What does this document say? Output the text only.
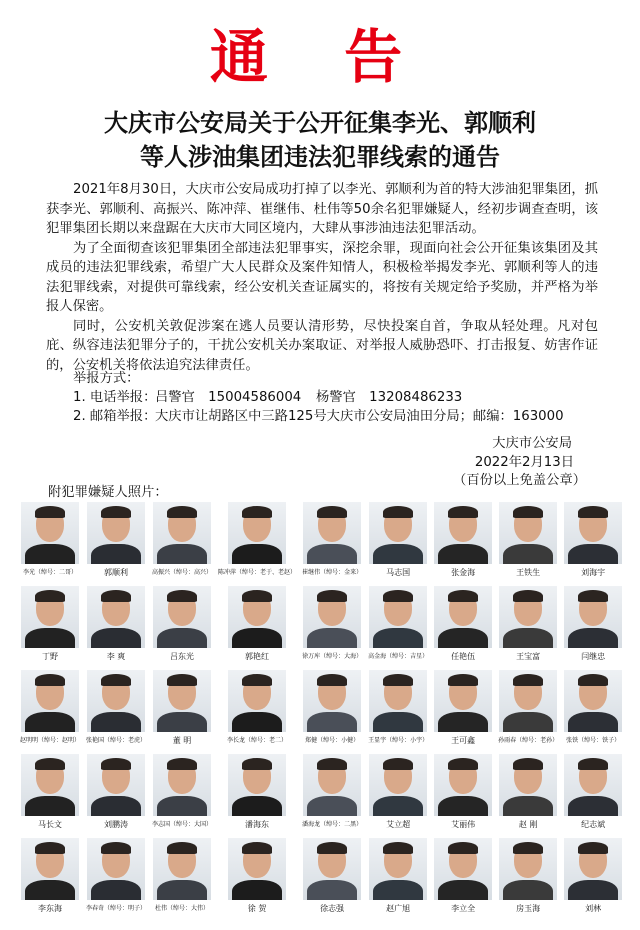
通 告
大庆市公安局关于公开征集李光、郭顺利
等人涉油集团违法犯罪线索的通告

2021年8月30日，大庆市公安局成功打掉了以李光、郭顺利为首的特大涉油犯罪集团，抓获李光、郭顺利、高振兴、陈冲萍、崔继伟、杜伟等50余名犯罪嫌疑人，经初步调查查明，该犯罪集团长期以来盘踞在大庆市大同区境内，大肆从事涉油违法犯罪活动。

为了全面彻查该犯罪集团全部违法犯罪事实，深挖余罪，现面向社会公开征集该集团及其成员的违法犯罪线索，希望广大人民群众及案件知情人，积极检举揭发李光、郭顺利等人的违法犯罪线索，对提供可靠线索，经公安机关查证属实的，将按有关规定给予奖励，并严格为举报人保密。

同时，公安机关敦促涉案在逃人员要认清形势，尽快投案自首，争取从轻处理。凡对包庇、纵容违法犯罪分子的，干扰公安机关办案取证、对举报人威胁恐吓、打击报复、妨害作证的，公安机关将依法追究法律责任。

举报方式：
1. 电话举报：
吕警官　15004586004 杨警官　13208486233
2. 邮箱举报：
大庆市让胡路区中三路125号大庆市公安局油田分局；邮编：163000
大庆市公安局
2022年2月13日
（百份以上免盖公章）
附犯罪嫌疑人照片：
李光（绰号：二哥）	郭顺利	高振兴（绰号：高兴） 陈冲萍（绰号：老于、老赵） 崔继伟（绰号：金来）	马志国	张金海	王铁生	刘海宇
丁野	李 爽	吕东光	郭艳红	徐万库（绰号：大海） 高金海（绰号：吉星）	任艳伍	王宝富	闫继忠
赵明明（绰号：赵明） 张艳国（绰号：老虎）	董 明	李长龙（绰号：老二）	郑健（绰号：小健） 王显宇（绰号：小宇）	王可鑫	孙雨春（绰号：老孙） 张铁（绰号：铁子）
马长文	刘鹏涛	李志国（绰号：大国）	潘海东	潘海龙（绰号：二黑）	艾立超	艾丽伟	赵 刚	纪志斌
李东海	李春奇（绰号：明子） 杜伟（绰号：大伟）	徐 贺	徐志强	赵广旭	李立全	房玉海	刘林
